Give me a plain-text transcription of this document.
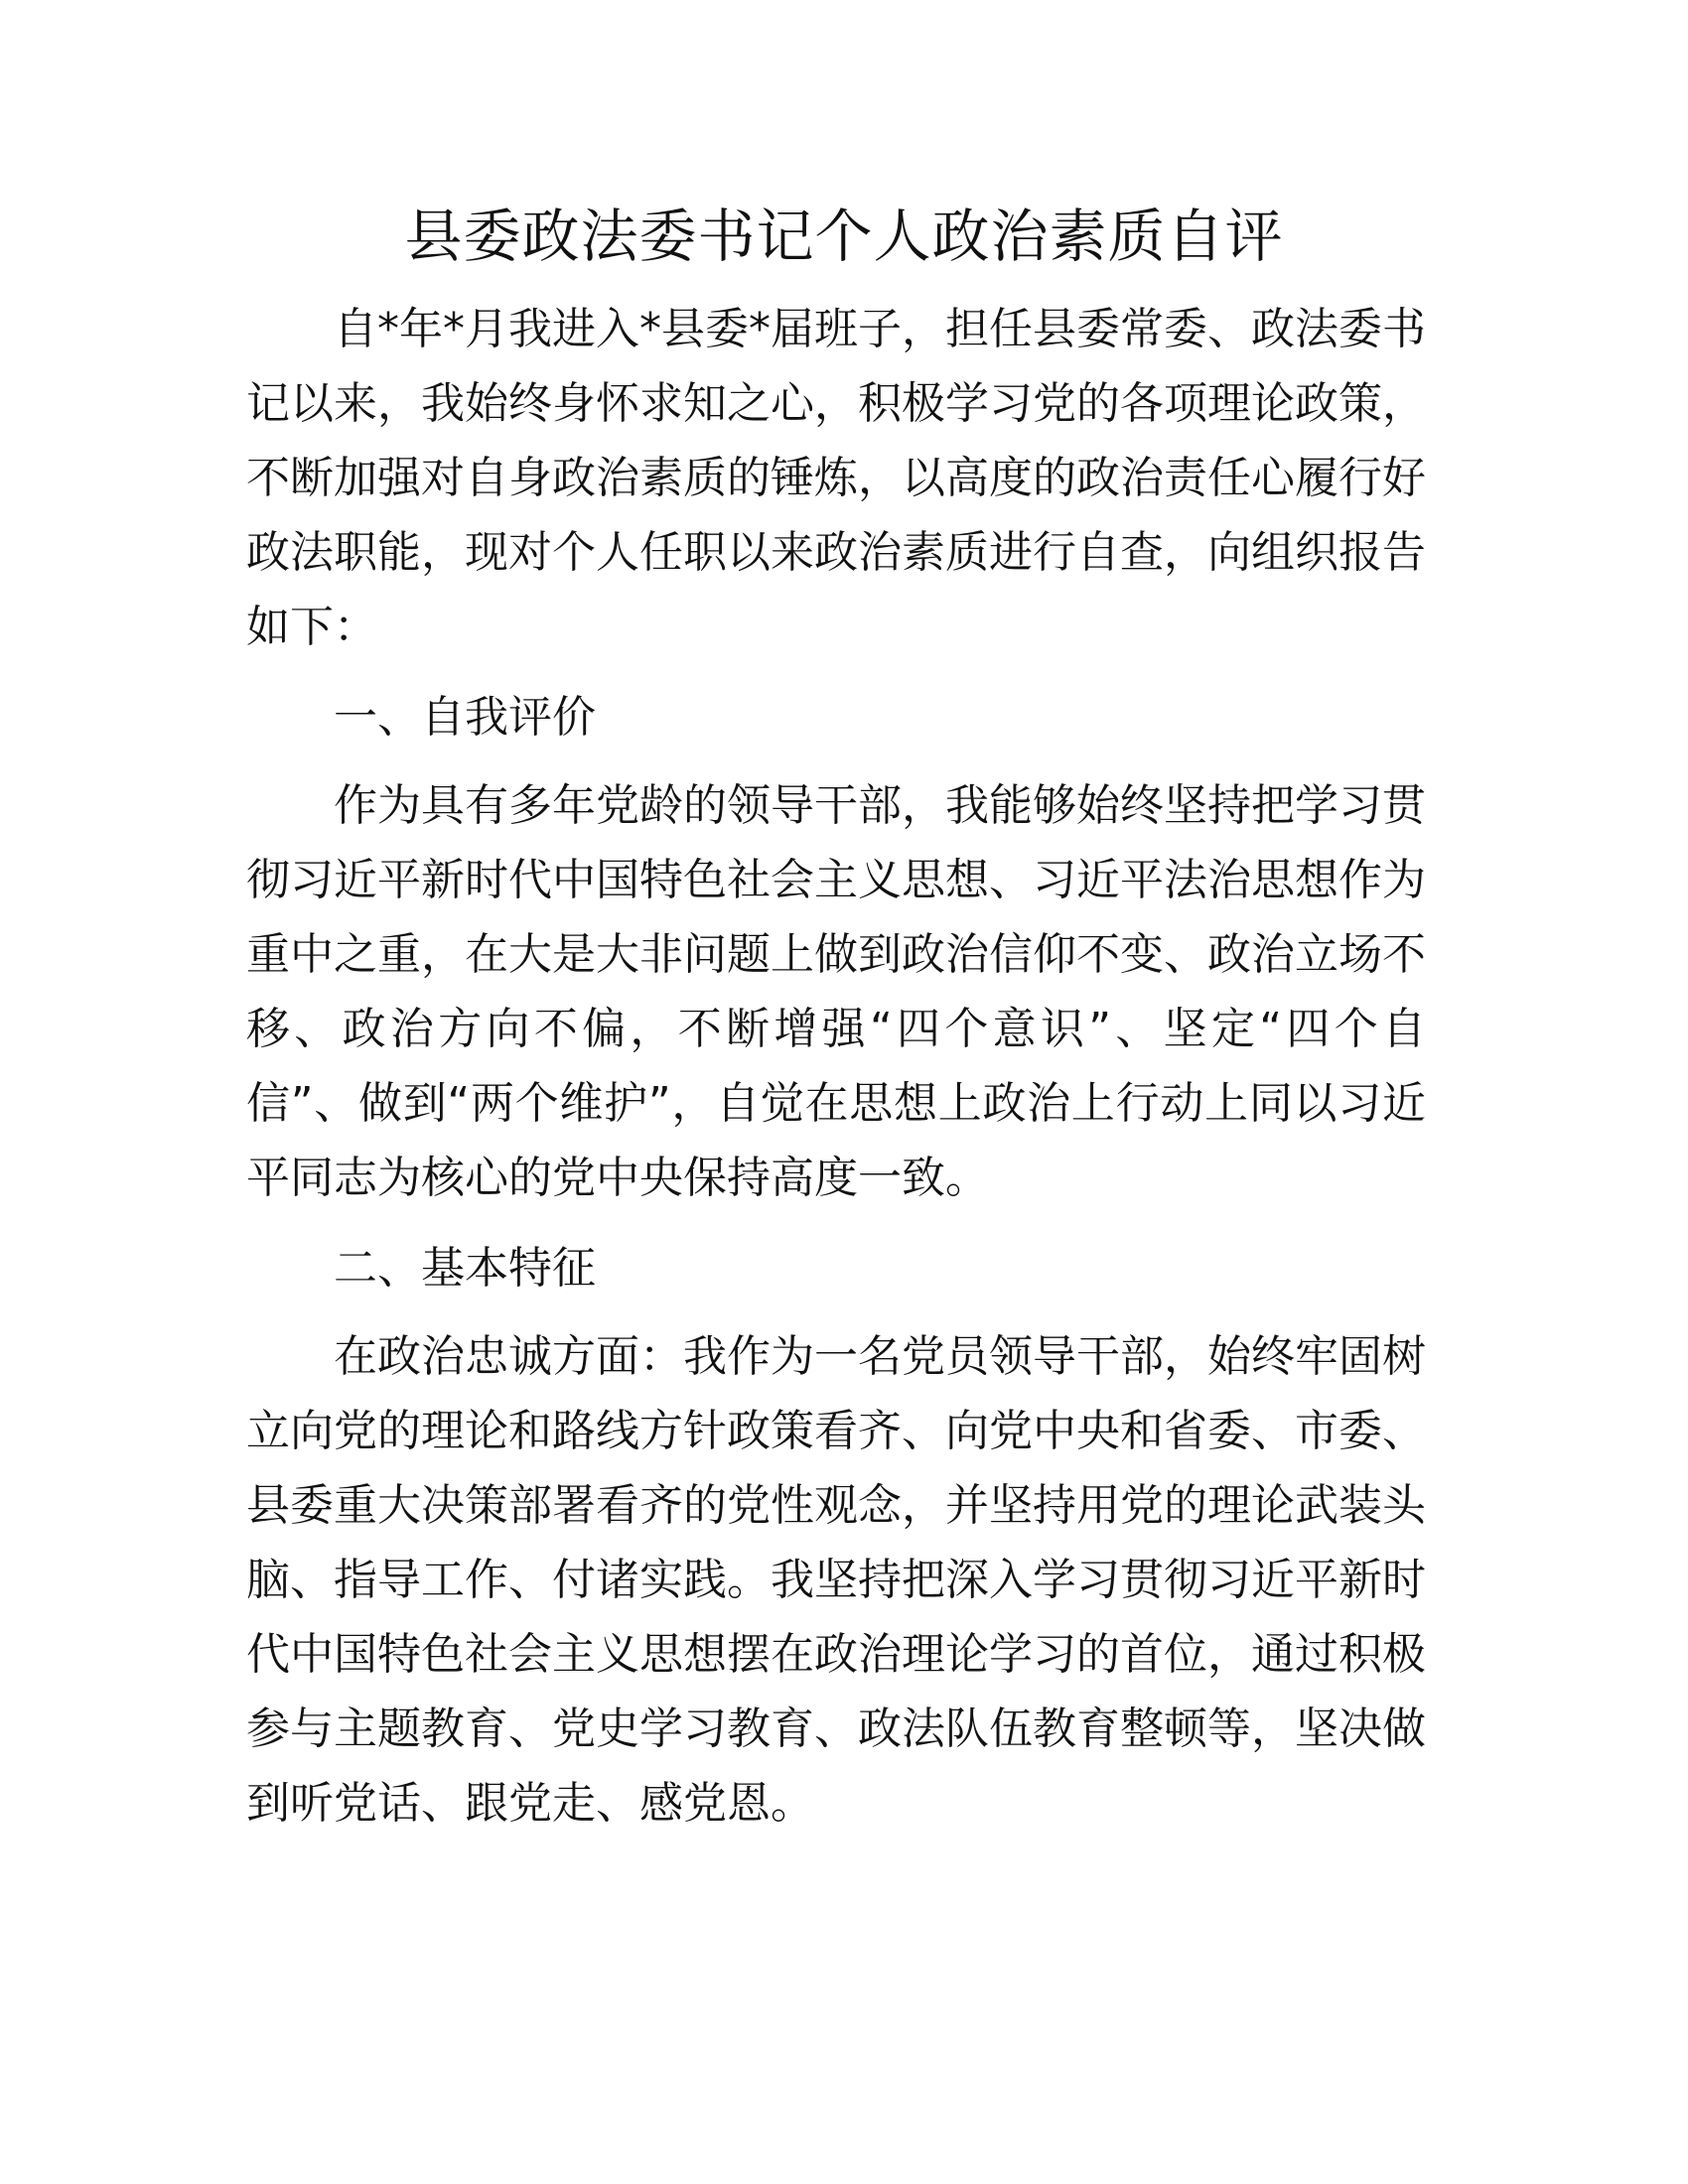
县委政法委书记个人政治素质自评

自*年*月我进入*县委*届班子，担任县委常委、政法委书记以来，我始终身怀求知之心，积极学习党的各项理论政策，不断加强对自身政治素质的锤炼，以高度的政治责任心履行好政法职能，现对个人任职以来政治素质进行自查，向组织报告如下：

一、自我评价

作为具有多年党龄的领导干部，我能够始终坚持把学习贯彻习近平新时代中国特色社会主义思想、习近平法治思想作为重中之重，在大是大非问题上做到政治信仰不变、政治立场不移、政治方向不偏，不断增强“四个意识”、坚定“四个自信”、做到“两个维护”，自觉在思想上政治上行动上同以习近平同志为核心的党中央保持高度一致。

二、基本特征

在政治忠诚方面：我作为一名党员领导干部，始终牢固树立向党的理论和路线方针政策看齐、向党中央和省委、市委、县委重大决策部署看齐的党性观念，并坚持用党的理论武装头脑、指导工作、付诸实践。我坚持把深入学习贯彻习近平新时代中国特色社会主义思想摆在政治理论学习的首位，通过积极参与主题教育、党史学习教育、政法队伍教育整顿等，坚决做到听党话、跟党走、感党恩。
